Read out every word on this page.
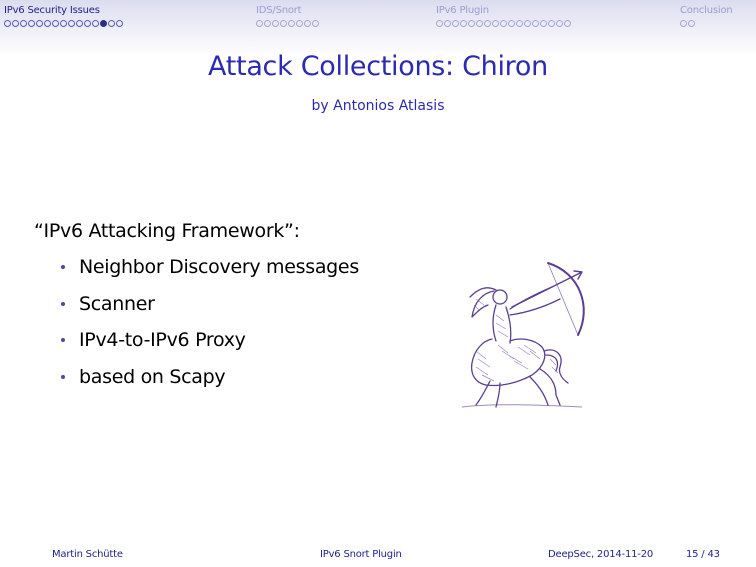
IPv6 Security Issues	IDS/Snort	IPv6 Plugin	Conclusion
Attack Collections: Chiron
by Antonios Atlasis
“IPv6 Attacking Framework”:
Neighbor Discovery messages
Scanner
IPv4-to-IPv6 Proxy
based on Scapy
Martin Schütte	IPv6 Snort Plugin	DeepSec, 2014-11-20	15 / 43
